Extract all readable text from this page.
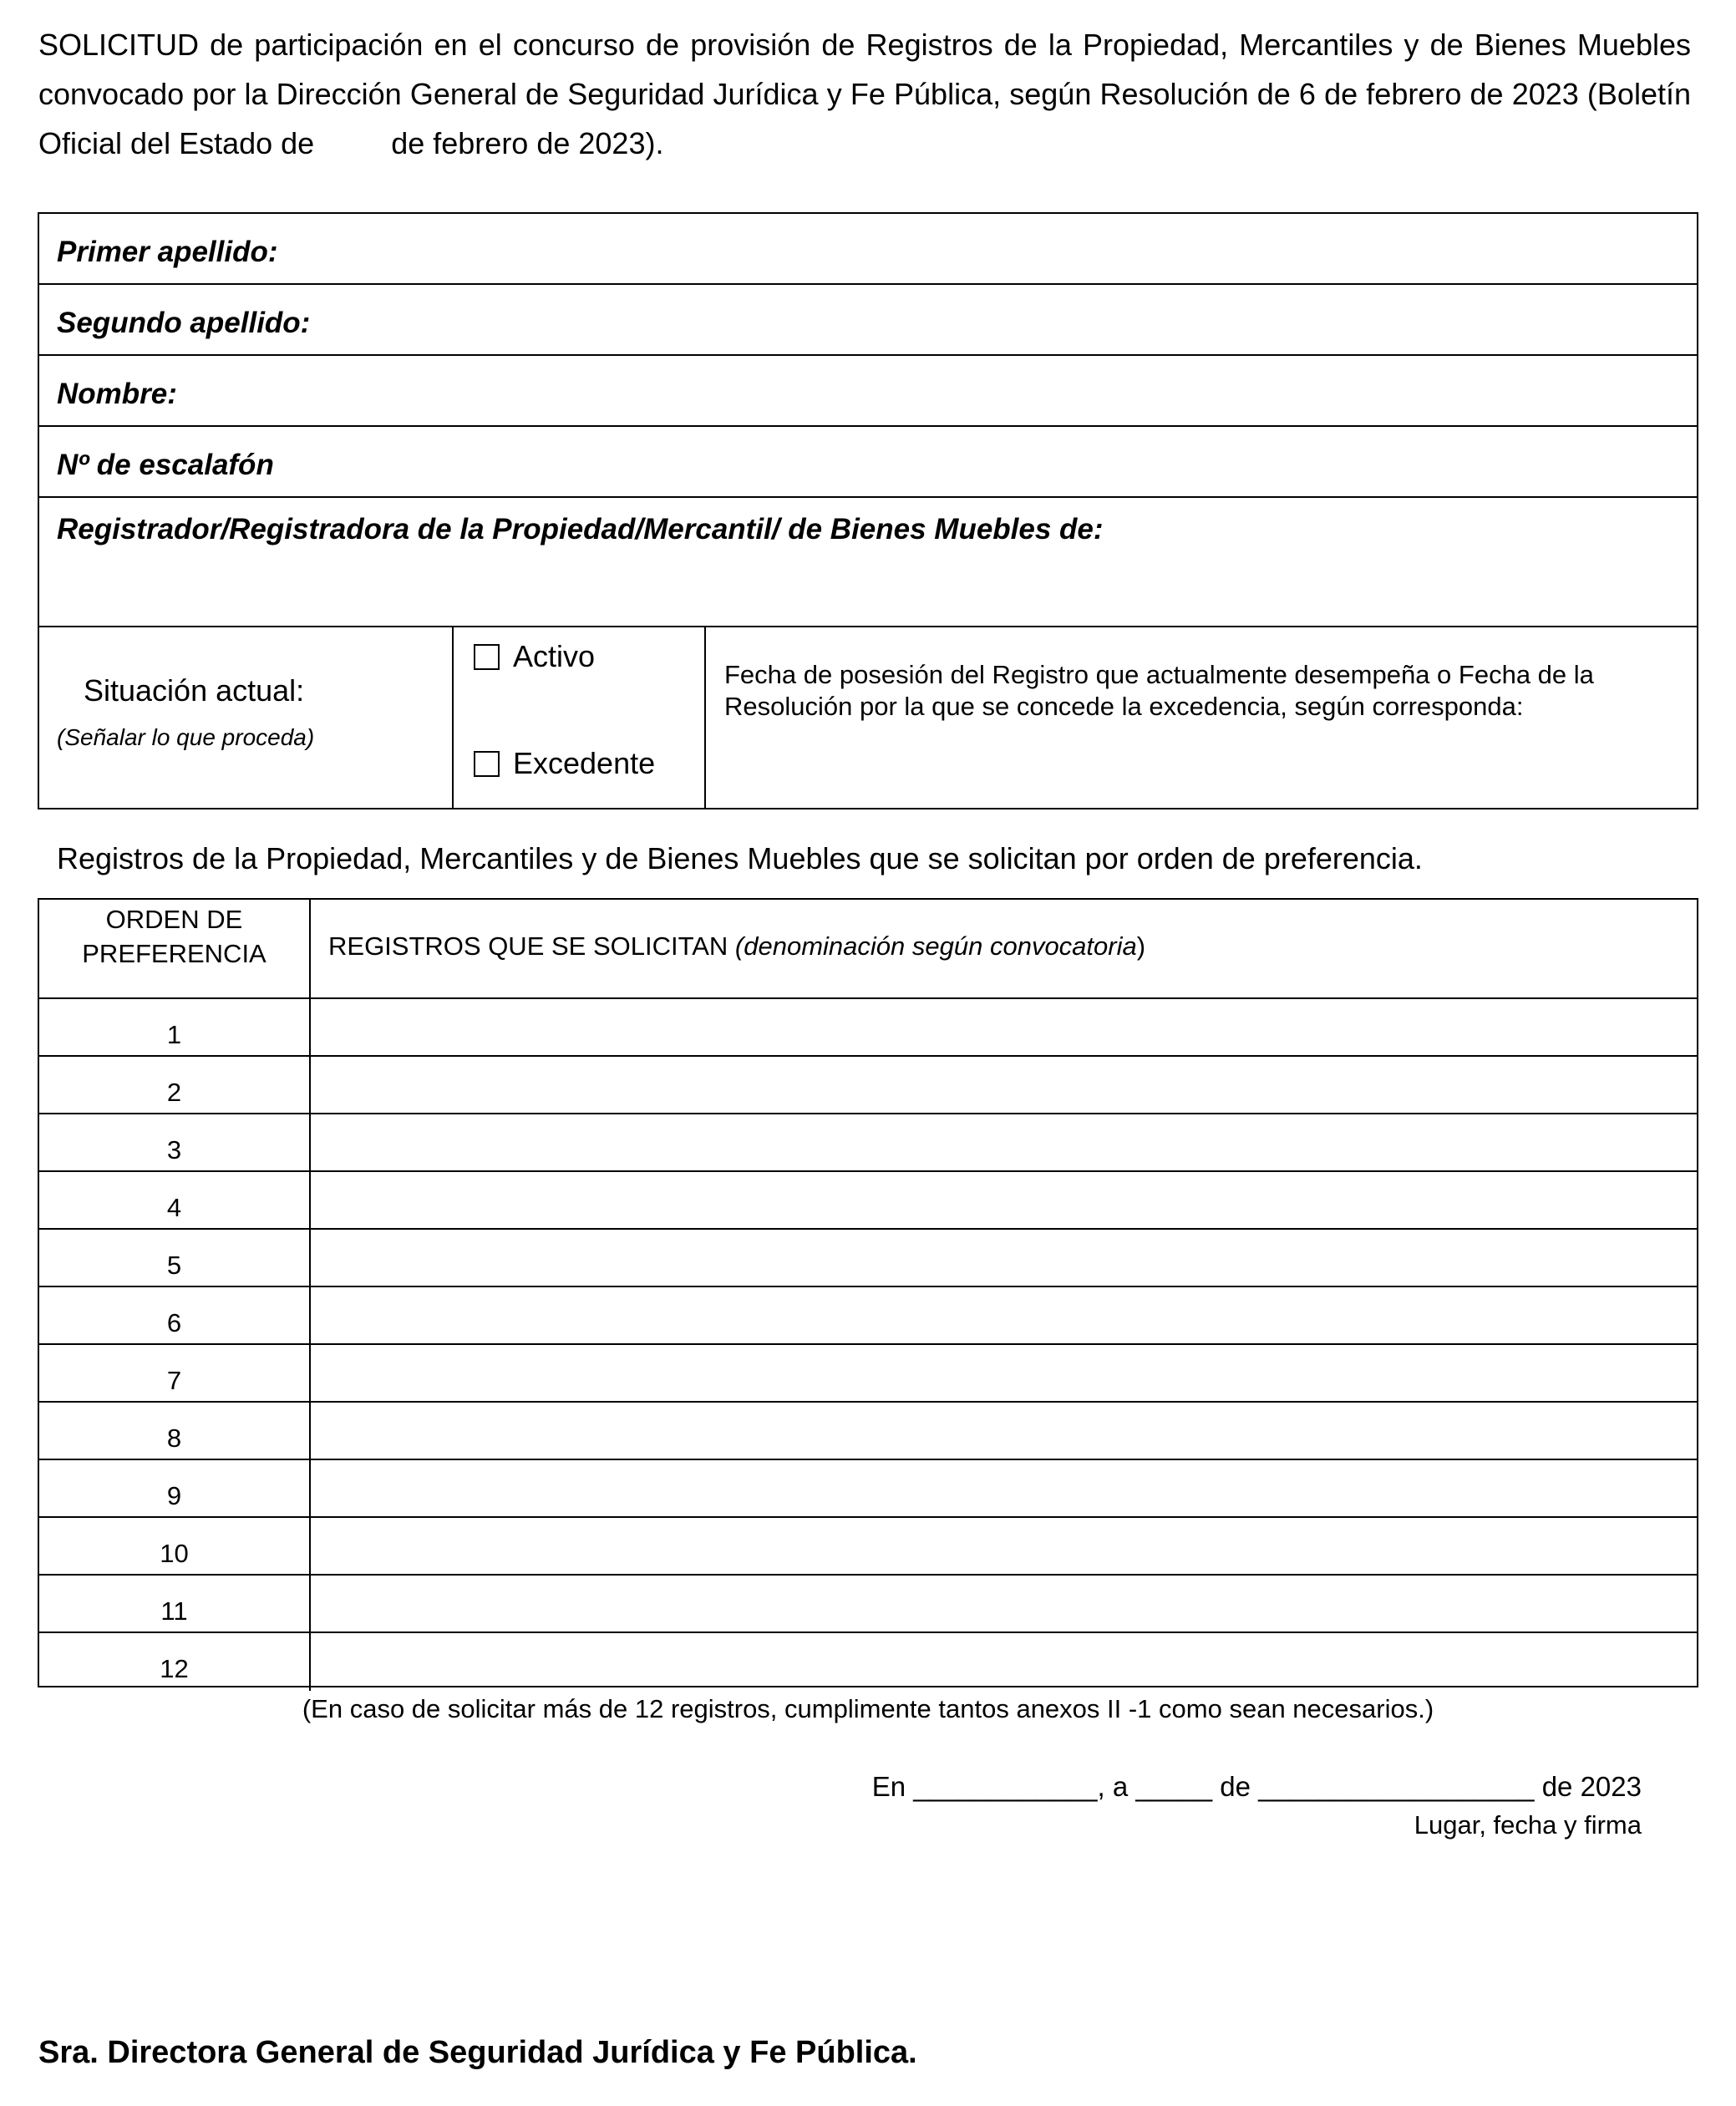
SOLICITUD de participación en el concurso de provisión de Registros de la Propiedad, Mercantiles y de Bienes Muebles convocado por la Dirección General de Seguridad Jurídica y Fe Pública, según Resolución de 6 de febrero de 2023 (Boletín Oficial del Estado de	de febrero de 2023).
Primer apellido:
Segundo apellido:
Nombre:
Nº de escalafón
Registrador/Registradora de la Propiedad/Mercantil/ de Bienes Muebles de:
Situación actual:
(Señalar lo que proceda)
Activo
Excedente
Fecha de posesión del Registro que actualmente desempeña o Fecha de la Resolución por la que se concede la excedencia, según corresponda:
Registros de la Propiedad, Mercantiles y de Bienes Muebles que se solicitan por orden de preferencia.
ORDEN DE
PREFERENCIA	REGISTROS QUE SE SOLICITAN (denominación según convocatoria)
1
2
3
4
5
6
7
8
9
10
11
12
(En caso de solicitar más de 12 registros, cumplimente tantos anexos II -1 como sean necesarios.)
En ____________, a _____ de __________________ de 2023
Lugar, fecha y firma
Sra. Directora General de Seguridad Jurídica y Fe Pública.
